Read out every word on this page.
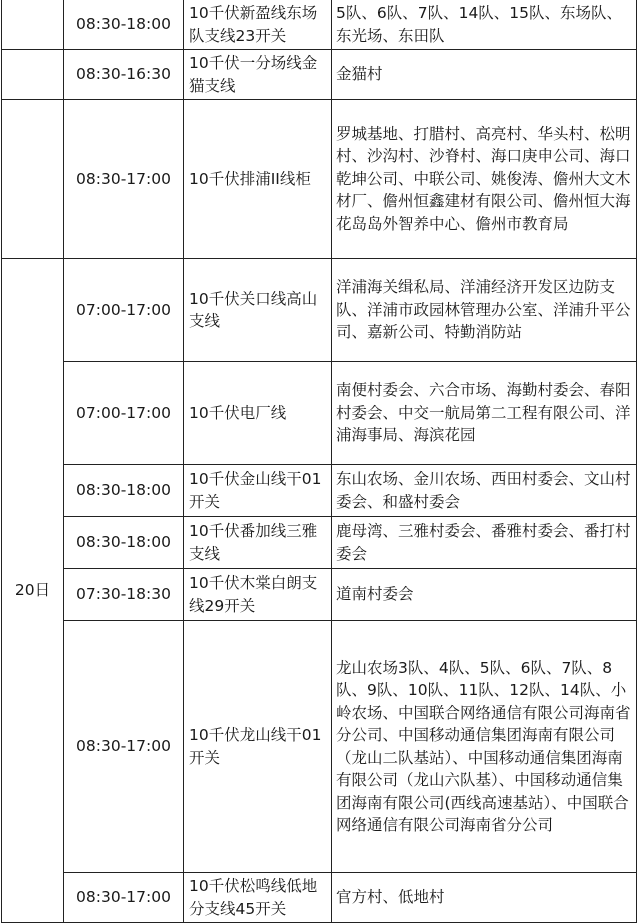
	08:30-18:00	10千伏新盈线东场队支线23开关	5队、6队、7队、14队、15队、东场队、东光场、东田队
	08:30-16:30	10千伏一分场线金猫支线	金猫村
	08:30-17:00	10千伏排浦II线柜	罗城基地、打腊村、高亮村、华头村、松明村、沙沟村、沙脊村、海口庚申公司、海口乾坤公司、中联公司、姚俊涛、儋州大文木材厂、儋州恒鑫建材有限公司、儋州恒大海花岛岛外智养中心、儋州市教育局
20日	07:00-17:00	10千伏关口线高山支线	洋浦海关缉私局、洋浦经济开发区边防支队、洋浦市政园林管理办公室、洋浦升平公司、嘉新公司、特勤消防站
	07:00-17:00	10千伏电厂线	南便村委会、六合市场、海勤村委会、春阳村委会、中交一航局第二工程有限公司、洋浦海事局、海滨花园
	08:30-18:00	10千伏金山线干01开关	东山农场、金川农场、西田村委会、文山村委会、和盛村委会
	08:30-18:00	10千伏番加线三雅支线	鹿母湾、三雅村委会、番雅村委会、番打村委会
	07:30-18:30	10千伏木棠白朗支线29开关	道南村委会
	08:30-17:00	10千伏龙山线干01开关	龙山农场3队、4队、5队、6队、7队、8队、9队、10队、11队、12队、14队、小岭农场、中国联合网络通信有限公司海南省分公司、中国移动通信集团海南有限公司（龙山二队基站）、中国移动通信集团海南有限公司（龙山六队基）、中国移动通信集团海南有限公司(西线高速基站）、中国联合网络通信有限公司海南省分公司
	08:30-17:00	10千伏松鸣线低地分支线45开关	官方村、低地村
